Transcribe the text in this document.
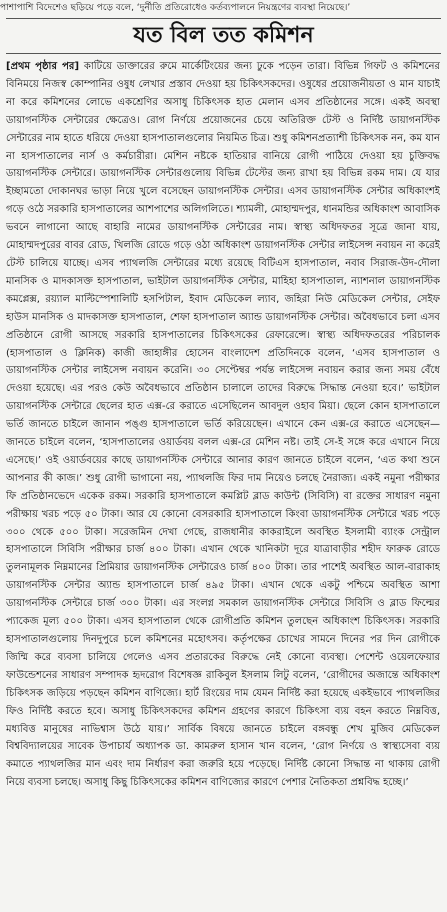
পাশাপাশি বিদেশেও ছড়িয়ে পড়ে বলে, ‘দুর্নীতি প্রতিরোধেও কর্তব্যপালনে নিয়ন্ত্রণের ব্যবস্থা নিয়েছে।’
যত বিল তত কমিশন
[প্রথম পৃষ্ঠার পর] কাটিয়ে ডাক্তারের রুমে মার্কেটিংয়ের জন্য ঢুকে পড়েন তারা। বিভিন্ন গিফট ও কমিশনের বিনিময়ে নিজস্ব কোম্পানির ওষুধ লেখার প্রস্তাব দেওয়া হয় চিকিৎসকদের। ওষুধের প্রয়োজনীয়তা ও মান যাচাই না করে কমিশনের লোভে একশ্রেণির অসাধু চিকিৎসক হাত মেলান এসব প্রতিষ্ঠানের সঙ্গে। একই অবস্থা ডায়াগনস্টিক সেন্টারের ক্ষেত্রেও। রোগ নির্ণয়ে প্রয়োজনের চেয়ে অতিরিক্ত টেস্ট ও নির্দিষ্ট ডায়াগনস্টিক সেন্টারের নাম হাতে ধরিয়ে দেওয়া হাসপাতালগুলোর নিয়মিত চিত্র। শুধু কমিশনপ্রত্যাশী চিকিৎসক নন, কম যান না হাসপাতালের নার্স ও কর্মচারীরা। মেশিন নষ্টকে হাতিয়ার বানিয়ে রোগী পাঠিয়ে দেওয়া হয় চুক্তিবদ্ধ ডায়াগনস্টিক সেন্টারে। ডায়াগনস্টিক সেন্টারগুলোয় বিভিন্ন টেস্টের জন্য রাখা হয় বিভিন্ন রকম দাম। যে যার ইচ্ছামতো দোকানঘর ভাড়া নিয়ে খুলে বসেছেন ডায়াগনস্টিক সেন্টার। এসব ডায়াগনস্টিক সেন্টার অধিকাংশই গড়ে ওঠে সরকারি হাসপাতালের আশপাশের অলিগলিতে। শ্যামলী, মোহাম্মদপুর, ধানমন্ডির অধিকাংশ আবাসিক ভবনে লাগানো আছে বাহারি নামের ডায়াগনস্টিক সেন্টারের নাম। স্বাস্থ্য অধিদফতর সূত্রে জানা যায়, মোহাম্মদপুরের বাবর রোড, খিলজি রোডে গড়ে ওঠা অধিকাংশ ডায়াগনস্টিক সেন্টার লাইসেন্স নবায়ন না করেই টেস্ট চালিয়ে যাচ্ছে। এসব প্যাথলজি সেন্টারের মধ্যে রয়েছে বিটিএস হাসপাতাল, নবাব সিরাজ-উদ-দৌলা মানসিক ও মাদকাসক্ত হাসপাতাল, ভাইটাল ডায়াগনস্টিক সেন্টার, মাহিহা হাসপাতাল, ন্যাশনাল ডায়াগনস্টিক কমপ্লেক্স, রয়্যাল মাল্টিস্পেশালিটি হসপিটাল, ইবাদ মেডিকেল ল্যাব, জহিরা নিউ মেডিকেল সেন্টার, সেইফ হাউস মানসিক ও মাদকাসক্ত হাসপাতাল, শেফা হাসপাতাল অ্যান্ড ডায়াগনস্টিক সেন্টার। অবৈধভাবে চলা এসব প্রতিষ্ঠানে রোগী আসছে সরকারি হাসপাতালের চিকিৎসকের রেফারেন্সে। স্বাস্থ্য অধিদফতরের পরিচালক (হাসপাতাল ও ক্লিনিক) কাজী জাহাঙ্গীর হোসেন বাংলাদেশ প্রতিদিনকে বলেন, ‘এসব হাসপাতাল ও ডায়াগনস্টিক সেন্টার লাইসেন্স নবায়ন করেনি। ৩০ সেপ্টেম্বর পর্যন্ত লাইসেন্স নবায়ন করার জন্য সময় বেঁধে দেওয়া হয়েছে। এর পরও কেউ অবৈধভাবে প্রতিষ্ঠান চালালে তাদের বিরুদ্ধে সিদ্ধান্ত নেওয়া হবে।’ ভাইটাল ডায়াগনস্টিক সেন্টারে ছেলের হাত এক্স-রে করাতে এসেছিলেন আবদুল ওহাব মিয়া। ছেলে কোন হাসপাতালে ভর্তি জানতে চাইলে জানান পঙ্গু হাসপাতালে ভর্তি করিয়েছেন। এখানে কেন এক্স-রে করাতে এসেছেন— জানতে চাইলে বলেন, ‘হাসপাতালের ওয়ার্ডবয় বলল এক্স-রে মেশিন নষ্ট। তাই সে-ই সঙ্গে করে এখানে নিয়ে এসেছে।’ ওই ওয়ার্ডবয়ের কাছে ডায়াগনস্টিক সেন্টারে আনার কারণ জানতে চাইলে বলেন, ‘এত কথা শুনে আপনার কী কাজ।’ শুধু রোগী ভাগানো নয়, প্যাথলজি ফির দাম নিয়েও চলছে নৈরাজ্য। একই নমুনা পরীক্ষার ফি প্রতিষ্ঠানভেদে একেক রকম। সরকারি হাসপাতালে কমপ্লিট ব্লাড কাউন্ট (সিবিসি) বা রক্তের সাধারণ নমুনা পরীক্ষায় খরচ পড়ে ৫০ টাকা। আর যে কোনো বেসরকারি হাসপাতালে কিংবা ডায়াগনস্টিক সেন্টারে খরচ পড়ে ৩০০ থেকে ৫০০ টাকা। সরেজমিন দেখা গেছে, রাজধানীর কাকরাইলে অবস্থিত ইসলামী ব্যাংক সেন্ট্রাল হাসপাতালে সিবিসি পরীক্ষার চার্জ ৪০০ টাকা। এখান থেকে খানিকটা দূরে যাত্রাবাড়ীর শহীদ ফারুক রোডে তুলনামূলক নিম্নমানের প্রিমিয়ার ডায়াগনস্টিক সেন্টারেও চার্জ ৪০০ টাকা। তার পাশেই অবস্থিত আল-বারাকাহ ডায়াগনস্টিক সেন্টার অ্যান্ড হাসপাতালে চার্জ ৪৯৫ টাকা। এখান থেকে একটু পশ্চিমে অবস্থিত আশা ডায়াগনস্টিক সেন্টারে চার্জ ৩০০ টাকা। এর সংলগ্ন সমকাল ডায়াগনস্টিক সেন্টারে সিবিসি ও ব্লাড ফিল্মের প্যাকেজ মূল্য ৫০০ টাকা। এসব হাসপাতাল থেকে রোগীপ্রতি কমিশন তুলছেন অধিকাংশ চিকিৎসক। সরকারি হাসপাতালগুলোয় দিনদুপুরে চলে কমিশনের মহোৎসব। কর্তৃপক্ষের চোখের সামনে দিনের পর দিন রোগীকে জিম্মি করে ব্যবসা চালিয়ে গেলেও এসব প্রতারকের বিরুদ্ধে নেই কোনো ব্যবস্থা। পেশেন্ট ওয়েলফেয়ার ফাউন্ডেশনের সাধারণ সম্পাদক হৃদরোগ বিশেষজ্ঞ রাকিবুল ইসলাম লিটু বলেন, ‘রোগীদের অজান্তে অধিকাংশ চিকিৎসক জড়িয়ে পড়ছেন কমিশন বাণিজ্যে। হার্ট রিংয়ের দাম যেমন নির্দিষ্ট করা হয়েছে একইভাবে প্যাথলজির ফিও নির্দিষ্ট করতে হবে। অসাধু চিকিৎসকদের কমিশন গ্রহণের কারণে চিকিৎসা ব্যয় বহন করতে নিম্নবিত্ত, মধ্যবিত্ত মানুষের নাভিশ্বাস উঠে যায়।’ সার্বিক বিষয়ে জানতে চাইলে বঙ্গবন্ধু শেখ মুজিব মেডিকেল বিশ্ববিদ্যালয়ের সাবেক উপাচার্য অধ্যাপক ডা. কামরুল হাসান খান বলেন, ‘রোগ নির্ণয়ে ও স্বাস্থ্যসেবা ব্যয় কমাতে প্যাথলজির মান এবং দাম নির্ধারণ করা জরুরি হয়ে পড়েছে। নির্দিষ্ট কোনো সিদ্ধান্ত না থাকায় রোগী নিয়ে ব্যবসা চলছে। অসাধু কিছু চিকিৎসকের কমিশন বাণিজ্যের কারণে পেশার নৈতিকতা প্রশ্নবিদ্ধ হচ্ছে।’
